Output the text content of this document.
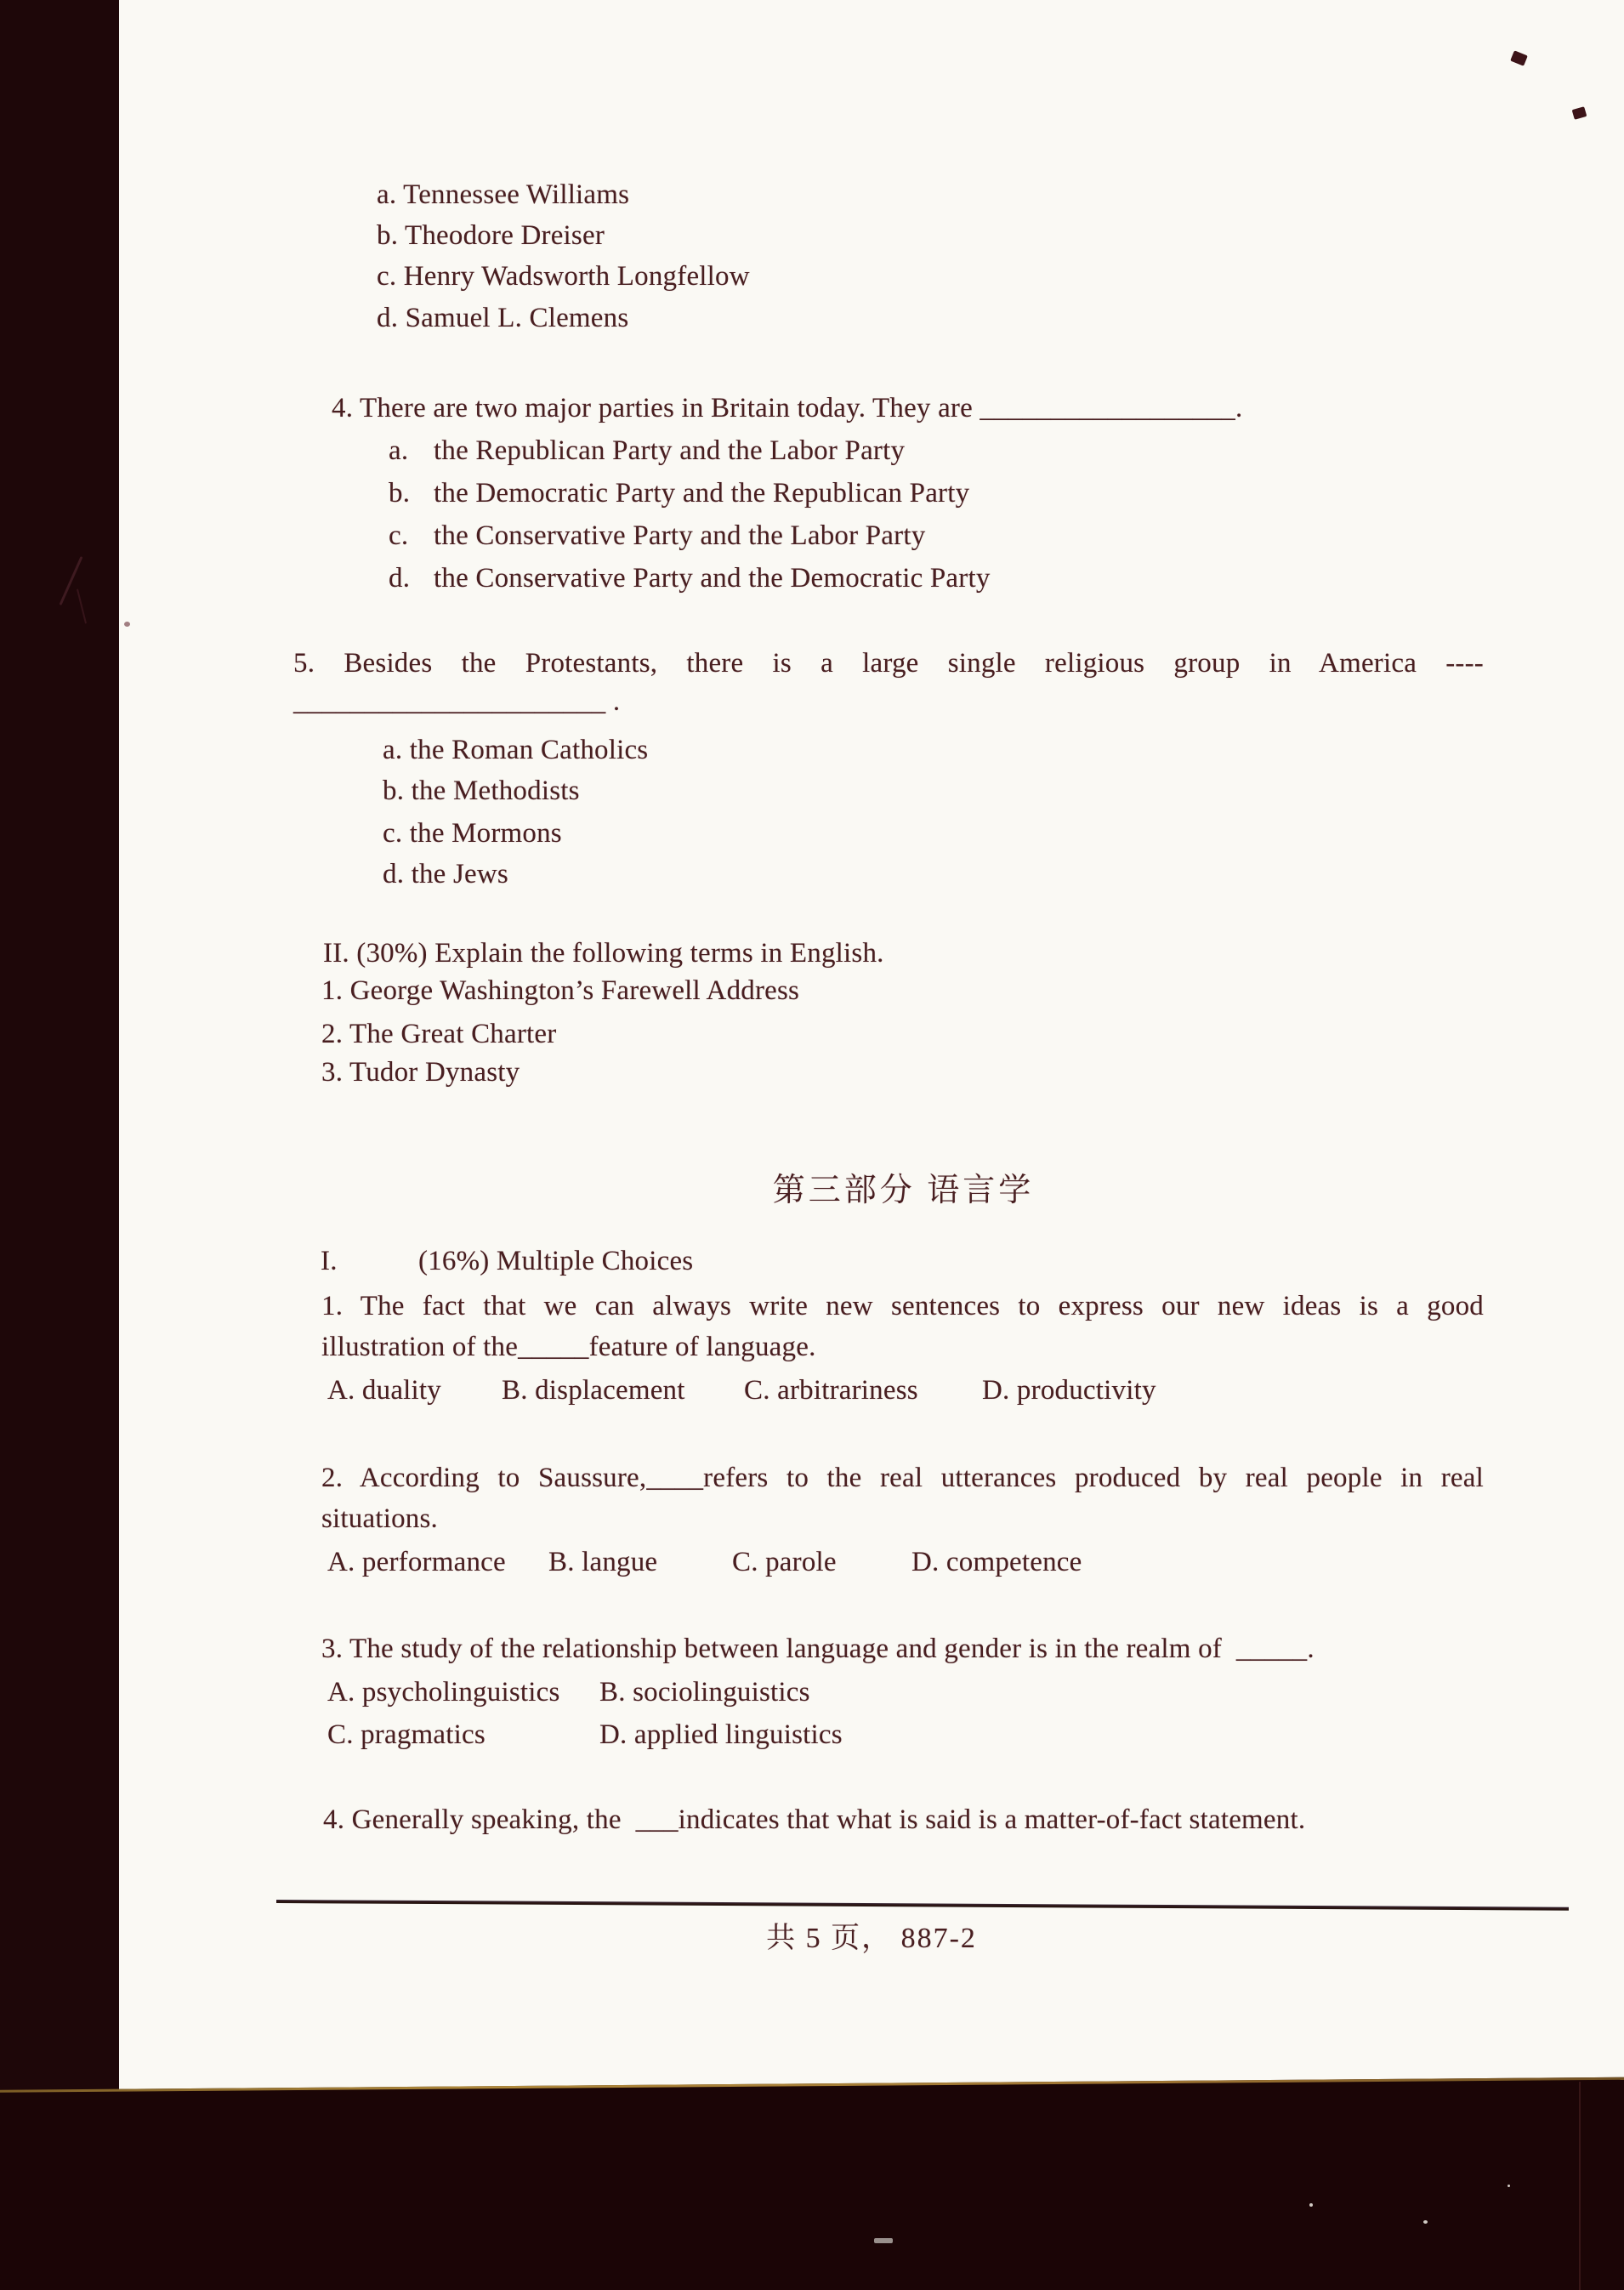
a. Tennessee Williams
b. Theodore Dreiser
c. Henry Wadsworth Longfellow
d. Samuel L. Clemens
4. There are two major parties in Britain today. They are __________________.
a. the Republican Party and the Labor Party
b. the Democratic Party and the Republican Party
c. the Conservative Party and the Labor Party
d. the Conservative Party and the Democratic Party
5. Besides the Protestants, there is a large single religious group in America ----
______________________ .
a. the Roman Catholics
b. the Methodists
c. the Mormons
d. the Jews
II. (30%) Explain the following terms in English.
1. George Washington’s Farewell Address
2. The Great Charter
3. Tudor Dynasty
第三部分 语言学
I.	(16%) Multiple Choices
1. The fact that we can always write new sentences to express our new ideas is a good
illustration of the_____feature of language.
A. duality B. displacement C. arbitrariness D. productivity
2. According to Saussure,____refers to the real utterances produced by real people in real
situations.
A. performance B. langue	C. parole	D. competence
3. The study of the relationship between language and gender is in the realm of  _____.
A. psycholinguistics B. sociolinguistics
C. pragmatics	D. applied linguistics
4. Generally speaking, the  ___indicates that what is said is a matter-of-fact statement.
共 5 页， 887-2
